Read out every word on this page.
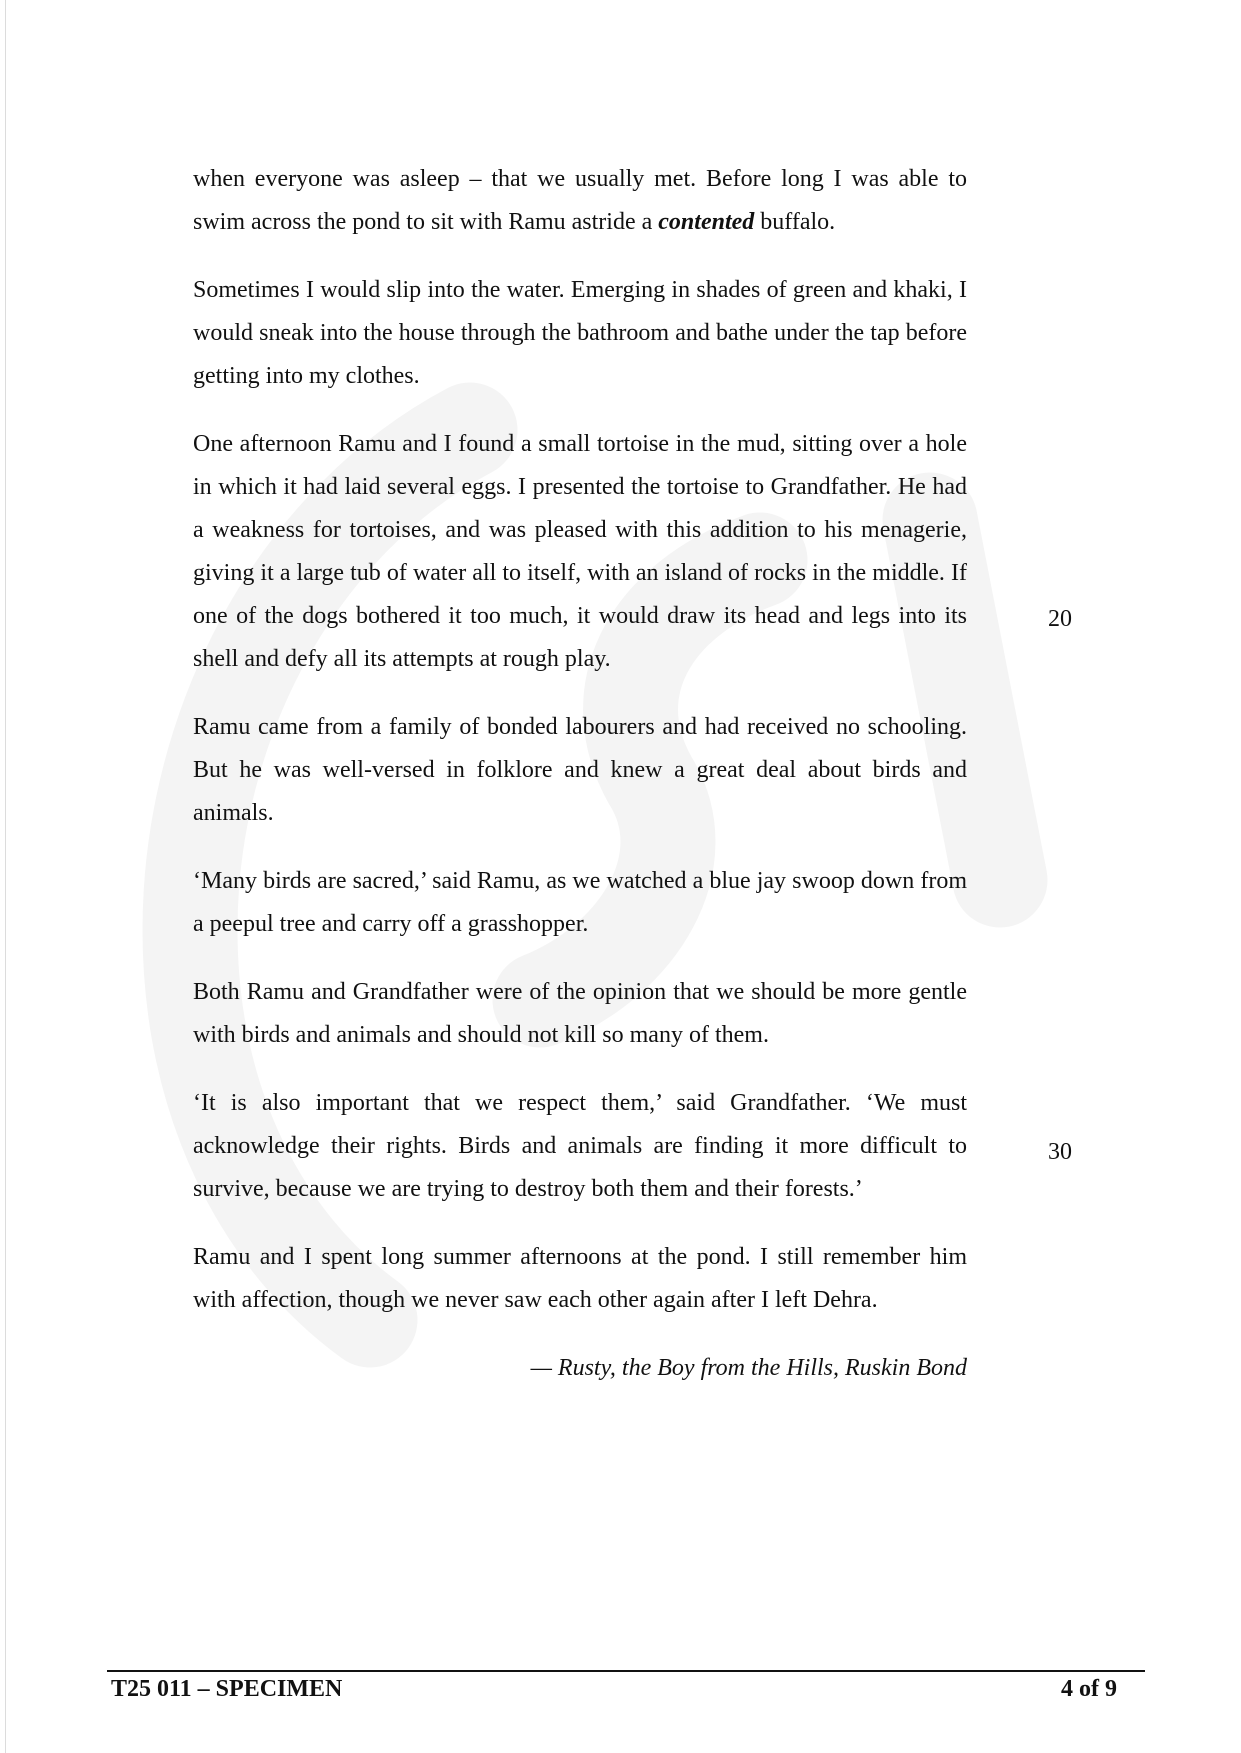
when everyone was asleep – that we usually met. Before long I was able to swim across the pond to sit with Ramu astride a contented buffalo.

Sometimes I would slip into the water. Emerging in shades of green and khaki, I would sneak into the house through the bathroom and bathe under the tap before getting into my clothes.

One afternoon Ramu and I found a small tortoise in the mud, sitting over a hole in which it had laid several eggs. I presented the tortoise to Grandfather. He had a weakness for tortoises, and was pleased with this addition to his menagerie, giving it a large tub of water all to itself, with an island of rocks in the middle. If one of the dogs bothered it too much, it would draw its head and legs into its shell and defy all its attempts at rough play.

Ramu came from a family of bonded labourers and had received no schooling. But he was well-versed in folklore and knew a great deal about birds and animals.

‘Many birds are sacred,’ said Ramu, as we watched a blue jay swoop down from a peepul tree and carry off a grasshopper.

Both Ramu and Grandfather were of the opinion that we should be more gentle with birds and animals and should not kill so many of them.

‘It is also important that we respect them,’ said Grandfather. ‘We must acknowledge their rights. Birds and animals are finding it more difficult to survive, because we are trying to destroy both them and their forests.’

Ramu and I spent long summer afternoons at the pond. I still remember him with affection, though we never saw each other again after I left Dehra.

— Rusty, the Boy from the Hills, Ruskin Bond

20
30
T25 011 – SPECIMEN	4 of 9
